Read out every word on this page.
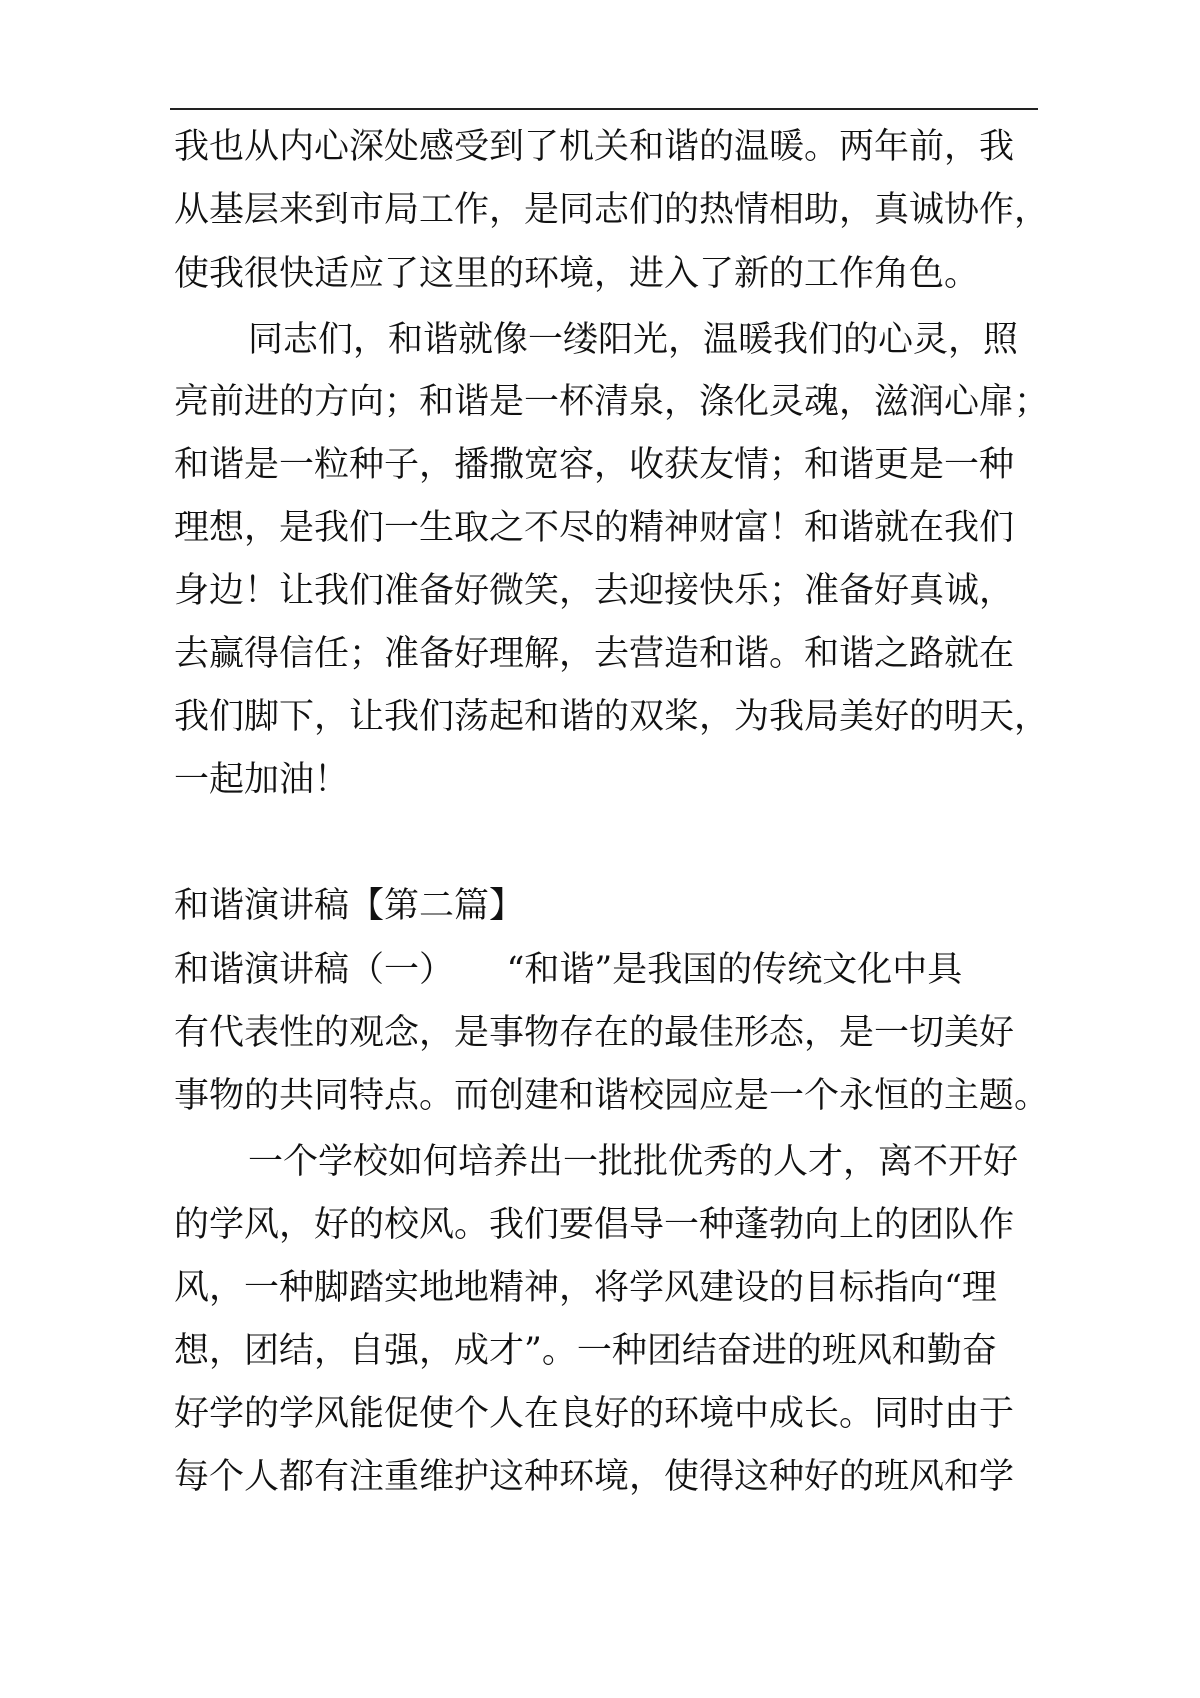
我也从内心深处感受到了机关和谐的温暖。两年前，我
从基层来到市局工作，是同志们的热情相助，真诚协作，
使我很快适应了这里的环境，进入了新的工作角色。
同志们，和谐就像一缕阳光，温暖我们的心灵，照
亮前进的方向；和谐是一杯清泉，涤化灵魂，滋润心扉；
和谐是一粒种子，播撒宽容，收获友情；和谐更是一种
理想，是我们一生取之不尽的精神财富！和谐就在我们
身边！让我们准备好微笑，去迎接快乐；准备好真诚，
去赢得信任；准备好理解，去营造和谐。和谐之路就在
我们脚下，让我们荡起和谐的双桨，为我局美好的明天，
一起加油！
和谐演讲稿【第二篇】
和谐演讲稿（一）　　“和谐”是我国的传统文化中具
有代表性的观念，是事物存在的最佳形态，是一切美好
事物的共同特点。而创建和谐校园应是一个永恒的主题。
一个学校如何培养出一批批优秀的人才，离不开好
的学风，好的校风。我们要倡导一种蓬勃向上的团队作
风，一种脚踏实地地精神，将学风建设的目标指向“理
想，团结，自强，成才”。一种团结奋进的班风和勤奋
好学的学风能促使个人在良好的环境中成长。同时由于
每个人都有注重维护这种环境，使得这种好的班风和学
